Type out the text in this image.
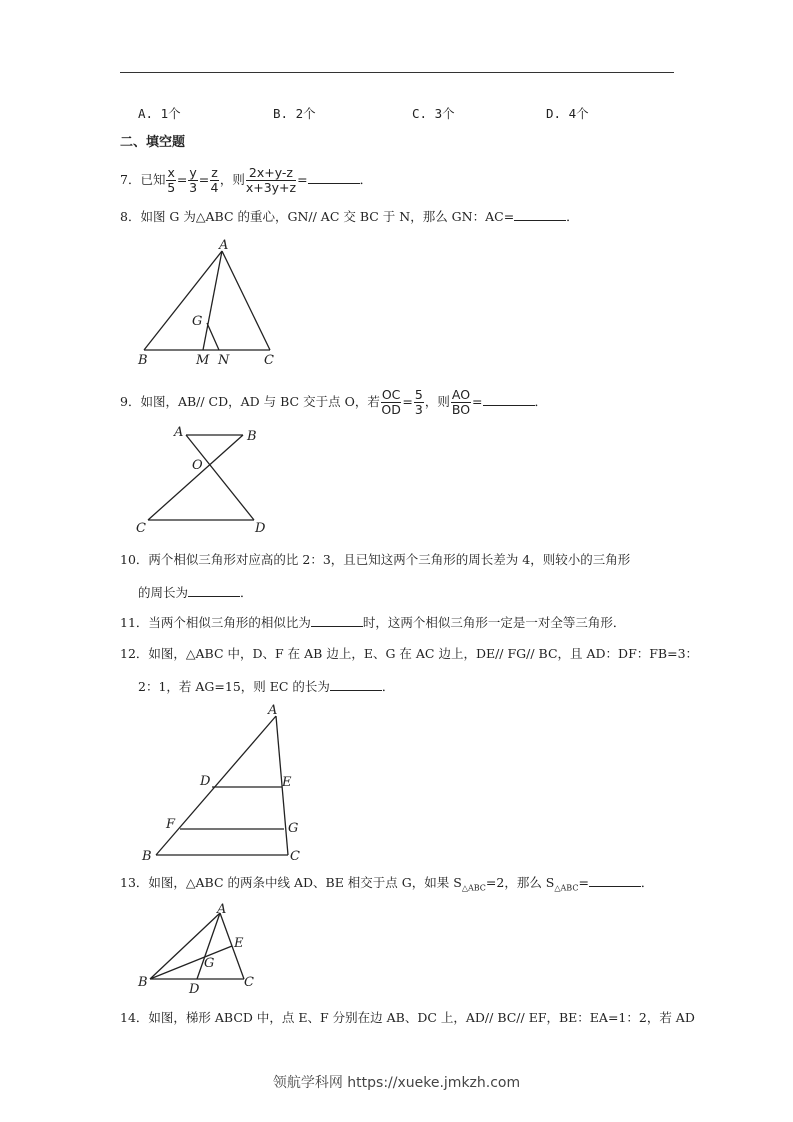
A. 1个	B. 2个	C. 3个	D. 4个
二、填空题
7．已知 $\frac{x}{5} = \frac{y}{3} = \frac{z}{4}$ ，则 $\frac{2x+y-z}{x+3y+z}$ =	．
8．如图 G 为△ABC 的重心，GN// AC 交 BC 于 N，那么 GN：AC=	．
A
B	C
G
M N
9．如图，AB// CD，AD 与 BC 交于点 O，若 $\frac{OC}{OD} = \frac{5}{3}$ ，则 $\frac{AO}{BO}$ =	．
A	B
O
C	D
10．两个相似三角形对应高的比 2：3，且已知这两个三角形的周长差为 4，则较小的三角形
的周长为	．
11．当两个相似三角形的相似比为	时，这两个相似三角形一定是一对全等三角形．
12．如图，△ABC 中，D、F 在 AB 边上，E、G 在 AC 边上，DE// FG// BC，且 AD：DF：FB=3：
2：1，若 AG=15，则 EC 的长为	．
A
D	E
F	G
B	C
13．如图，△ABC 的两条中线 AD、BE 相交于点 G，如果 $S_{\triangle ABC}=2$，那么 $S_{\triangle ABC}=$	．
A
E
G
B	D	C
14．如图，梯形 ABCD 中，点 E、F 分别在边 AB、DC 上，AD// BC// EF，BE：EA=1：2，若 AD
领航学科网 https://xueke.jmkzh.com
